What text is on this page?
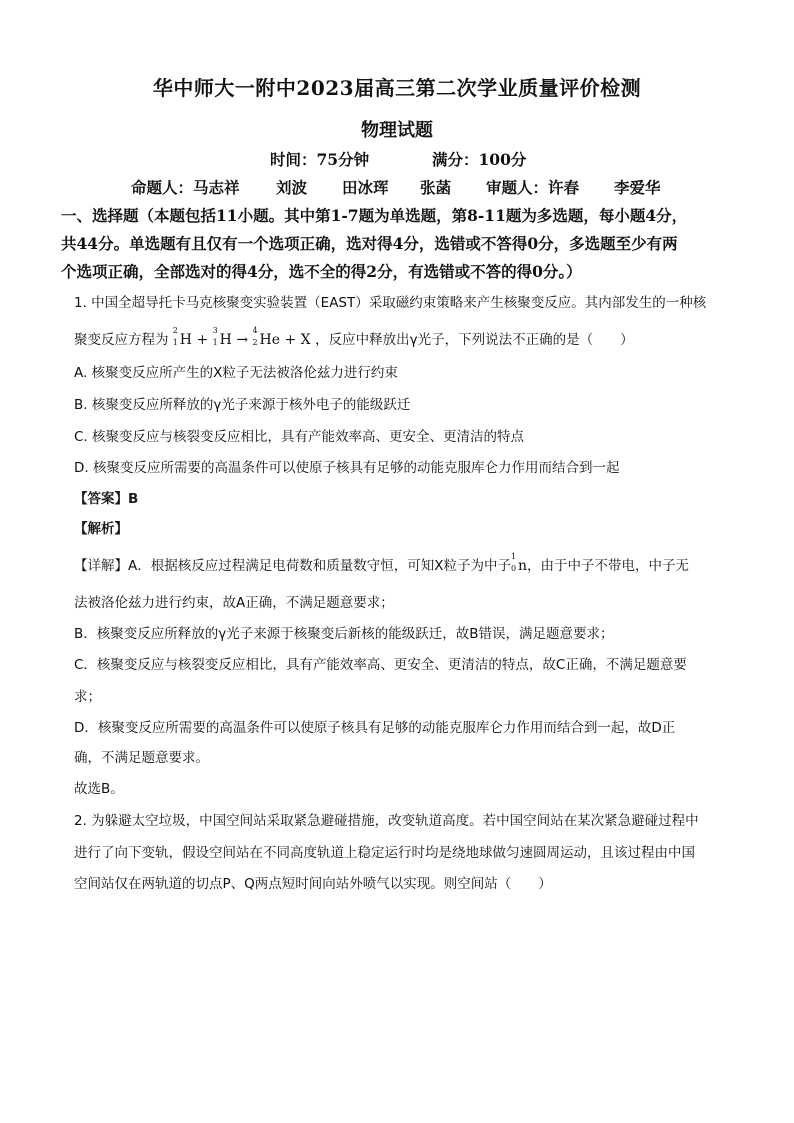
华中师大一附中2023届高三第二次学业质量评价检测
物理试题
时间：75分钟	满分：100分
命题人：马志祥 刘波 田冰珲 张菡 审题人：许春 李爱华
一、选择题（本题包括11小题。其中第1-7题为单选题，第8-11题为多选题，每小题4分，
共44分。单选题有且仅有一个选项正确，选对得4分，选错或不答得0分，多选题至少有两
个选项正确，全部选对的得4分，选不全的得2分，有选错或不答的得0分。）
1. 中国全超导托卡马克核聚变实验装置（EAST）采取磁约束策略来产生核聚变反应。其内部发生的一种核
聚变反应方程为
2
1 H +
3
1 H →
4
2 He + X ，反应中释放出γ光子，下列说法不正确的是（　　）
A. 核聚变反应所产生的X粒子无法被洛伦兹力进行约束
B. 核聚变反应所释放的γ光子来源于核外电子的能级跃迁
C. 核聚变反应与核裂变反应相比，具有产能效率高、更安全、更清洁的特点
D. 核聚变反应所需要的高温条件可以使原子核具有足够的动能克服库仑力作用而结合到一起
【答案】B
【解析】
【详解】A．根据核反应过程满足电荷数和质量数守恒，可知X粒子为中子
1
0 n，由于中子不带电，中子无
法被洛伦兹力进行约束，故A正确，不满足题意要求；
B．核聚变反应所释放的γ光子来源于核聚变后新核的能级跃迁，故B错误，满足题意要求；
C．核聚变反应与核裂变反应相比，具有产能效率高、更安全、更清洁的特点，故C正确，不满足题意要
求；
D．核聚变反应所需要的高温条件可以使原子核具有足够的动能克服库仑力作用而结合到一起，故D正
确，不满足题意要求。
故选B。
2. 为躲避太空垃圾，中国空间站采取紧急避碰措施，改变轨道高度。若中国空间站在某次紧急避碰过程中
进行了向下变轨，假设空间站在不同高度轨道上稳定运行时均是绕地球做匀速圆周运动，且该过程由中国
空间站仅在两轨道的切点P、Q两点短时间向站外喷气以实现。则空间站（　　）
